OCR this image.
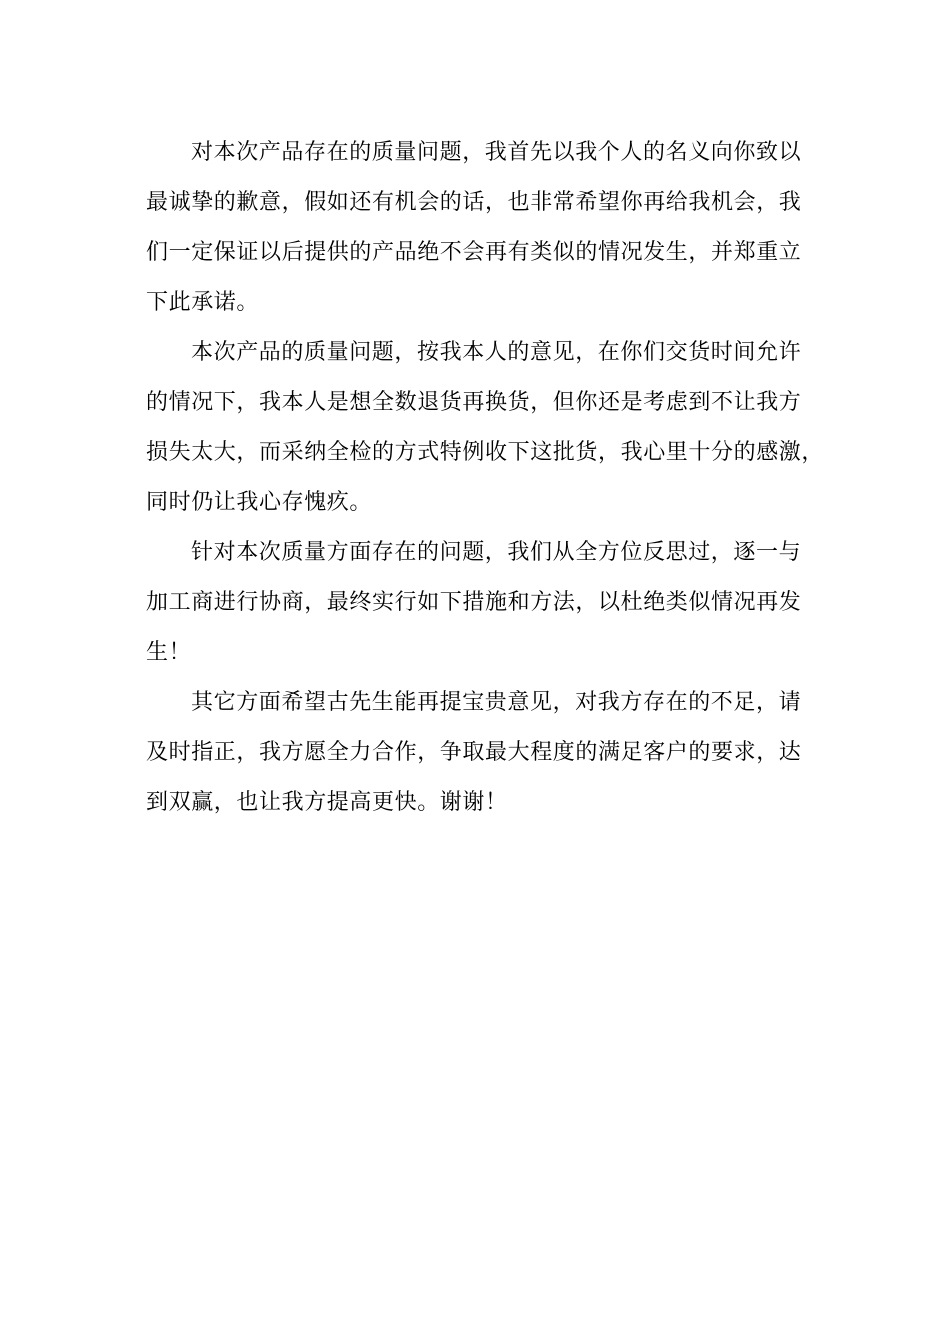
对本次产品存在的质量问题，我首先以我个人的名义向你致以
最诚挚的歉意，假如还有机会的话，也非常希望你再给我机会，我
们一定保证以后提供的产品绝不会再有类似的情况发生，并郑重立
下此承诺。

本次产品的质量问题，按我本人的意见，在你们交货时间允许
的情况下，我本人是想全数退货再换货，但你还是考虑到不让我方
损失太大，而采纳全检的方式特例收下这批货，我心里十分的感激，
同时仍让我心存愧疚。

针对本次质量方面存在的问题，我们从全方位反思过，逐一与
加工商进行协商，最终实行如下措施和方法，以杜绝类似情况再发
生！

其它方面希望古先生能再提宝贵意见，对我方存在的不足，请
及时指正，我方愿全力合作，争取最大程度的满足客户的要求，达
到双赢，也让我方提高更快。谢谢！
